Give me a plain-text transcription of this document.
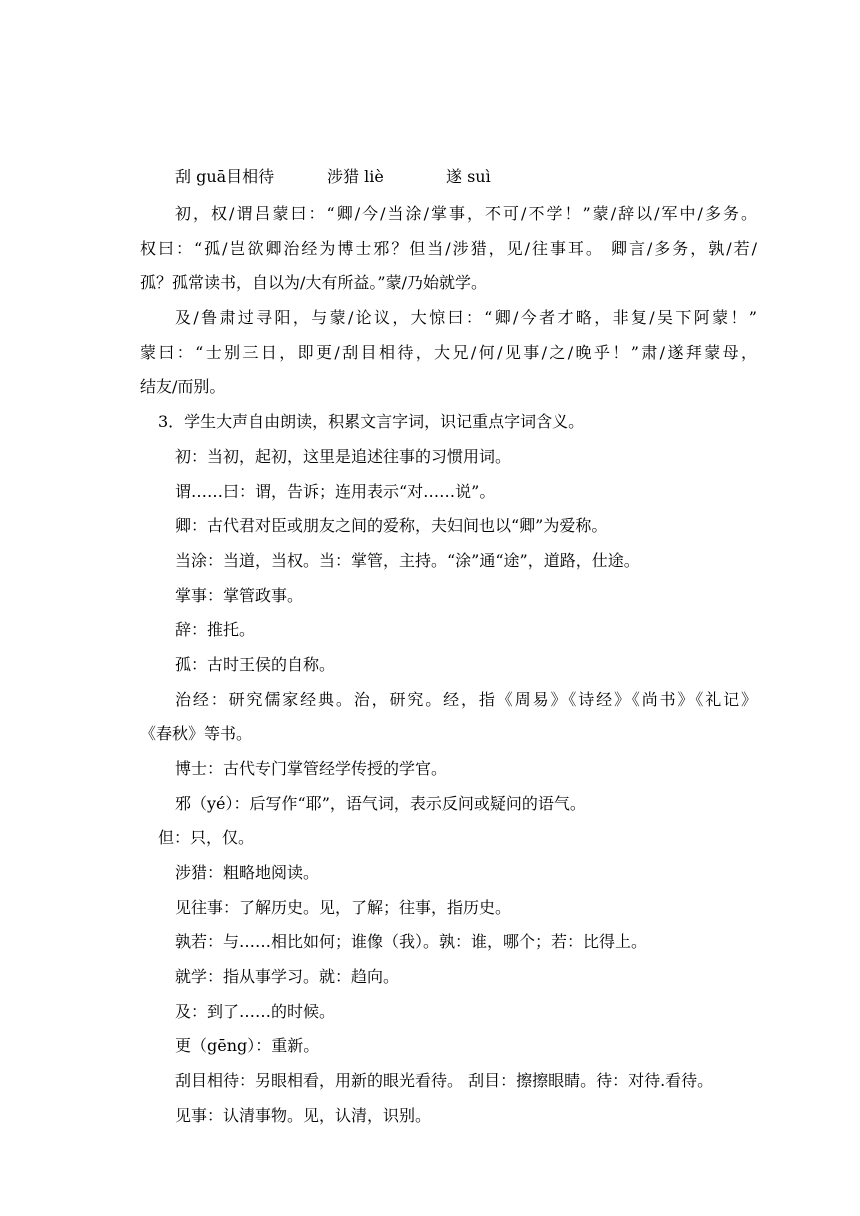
刮 guā目相待	涉猎 liè	遂 suì
初，权/谓吕蒙曰：“卿/今/当涂/掌事，不可/不学！”蒙/辞以/军中/多务。
权曰：“孤/岂欲卿治经为博士邪？但当/涉猎，见/往事耳。 卿言/多务，孰/若/
孤？孤常读书，自以为/大有所益。”蒙/乃始就学。
及/鲁肃过寻阳，与蒙/论议，大惊曰：“卿/今者才略，非复/吴下阿蒙！”
蒙曰：“士别三日，即更/刮目相待，大兄/何/见事/之/晚乎！”肃/遂拜蒙母，
结友/而别。
3．学生大声自由朗读，积累文言字词，识记重点字词含义。
初：当初，起初，这里是追述往事的习惯用词。
谓……曰：谓，告诉；连用表示“对……说”。
卿：古代君对臣或朋友之间的爱称，夫妇间也以“卿”为爱称。
当涂：当道，当权。当：掌管，主持。“涂”通“途”，道路，仕途。
掌事：掌管政事。
辞：推托。
孤：古时王侯的自称。
治经：研究儒家经典。治，研究。经，指《周易》《诗经》《尚书》《礼记》
《春秋》等书。
博士：古代专门掌管经学传授的学官。
邪（yé）：后写作“耶”，语气词，表示反问或疑问的语气。
但：只，仅。
涉猎：粗略地阅读。
见往事：了解历史。见，了解；往事，指历史。
孰若：与……相比如何；谁像（我）。孰：谁，哪个；若：比得上。
就学：指从事学习。就：趋向。
及：到了……的时候。
更（gēng）：重新。
刮目相待：另眼相看，用新的眼光看待。 刮目：擦擦眼睛。待：对待.看待。
见事：认清事物。见，认清，识别。
